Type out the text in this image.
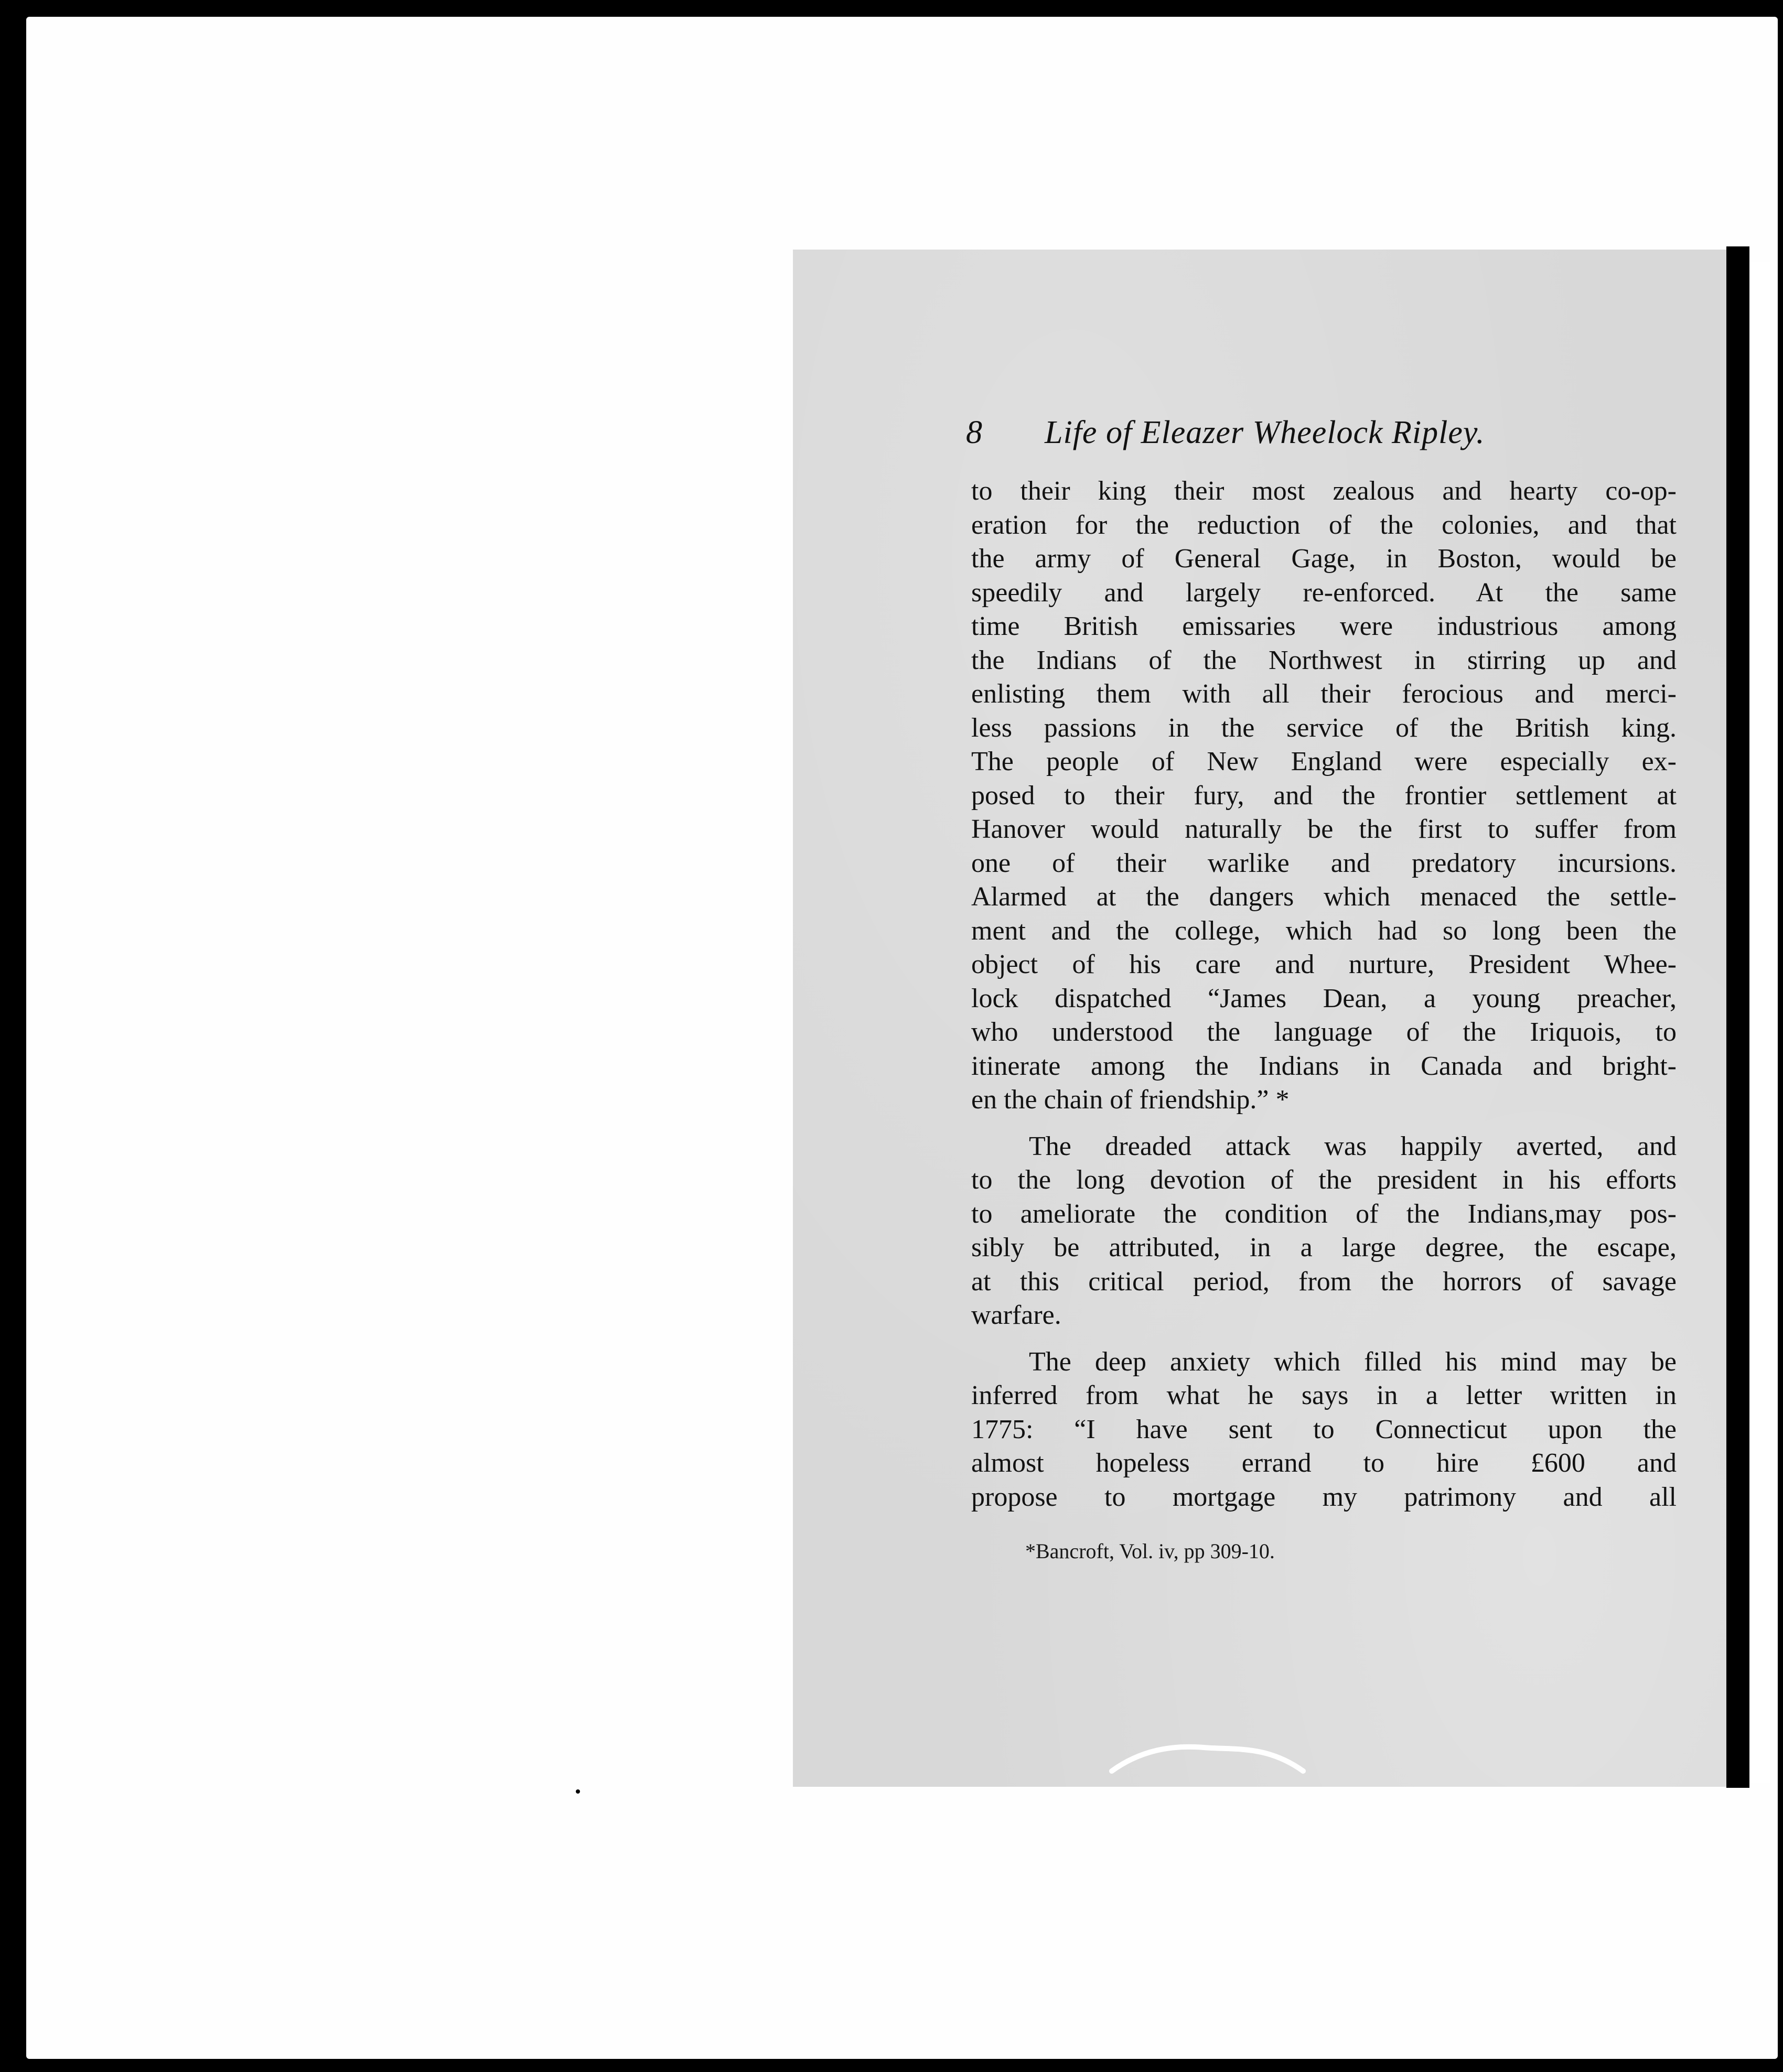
8 Life of Eleazer Wheelock Ripley.

to their king their most zealous and hearty co-op-

eration for the reduction of the colonies, and that

the army of General Gage, in Boston, would be

speedily and largely re-enforced. At the same

time British emissaries were industrious among

the Indians of the Northwest in stirring up and

enlisting them with all their ferocious and merci-

less passions in the service of the British king.

The people of New England were especially ex-

posed to their fury, and the frontier settlement at

Hanover would naturally be the first to suffer from

one of their warlike and predatory incursions.

Alarmed at the dangers which menaced the settle-

ment and the college, which had so long been the

object of his care and nurture, President Whee-

lock dispatched “James Dean, a young preacher,

who understood the language of the Iriquois, to

itinerate among the Indians in Canada and bright-

en the chain of friendship.” *

The dreaded attack was happily averted, and

to the long devotion of the president in his efforts

to ameliorate the condition of the Indians,may pos-

sibly be attributed, in a large degree, the escape,

at this critical period, from the horrors of savage

warfare.

The deep anxiety which filled his mind may be

inferred from what he says in a letter written in

1775: “I have sent to Connecticut upon the

almost hopeless errand to hire £600 and

propose to mortgage my patrimony and all

*Bancroft, Vol. iv, pp 309-10.
